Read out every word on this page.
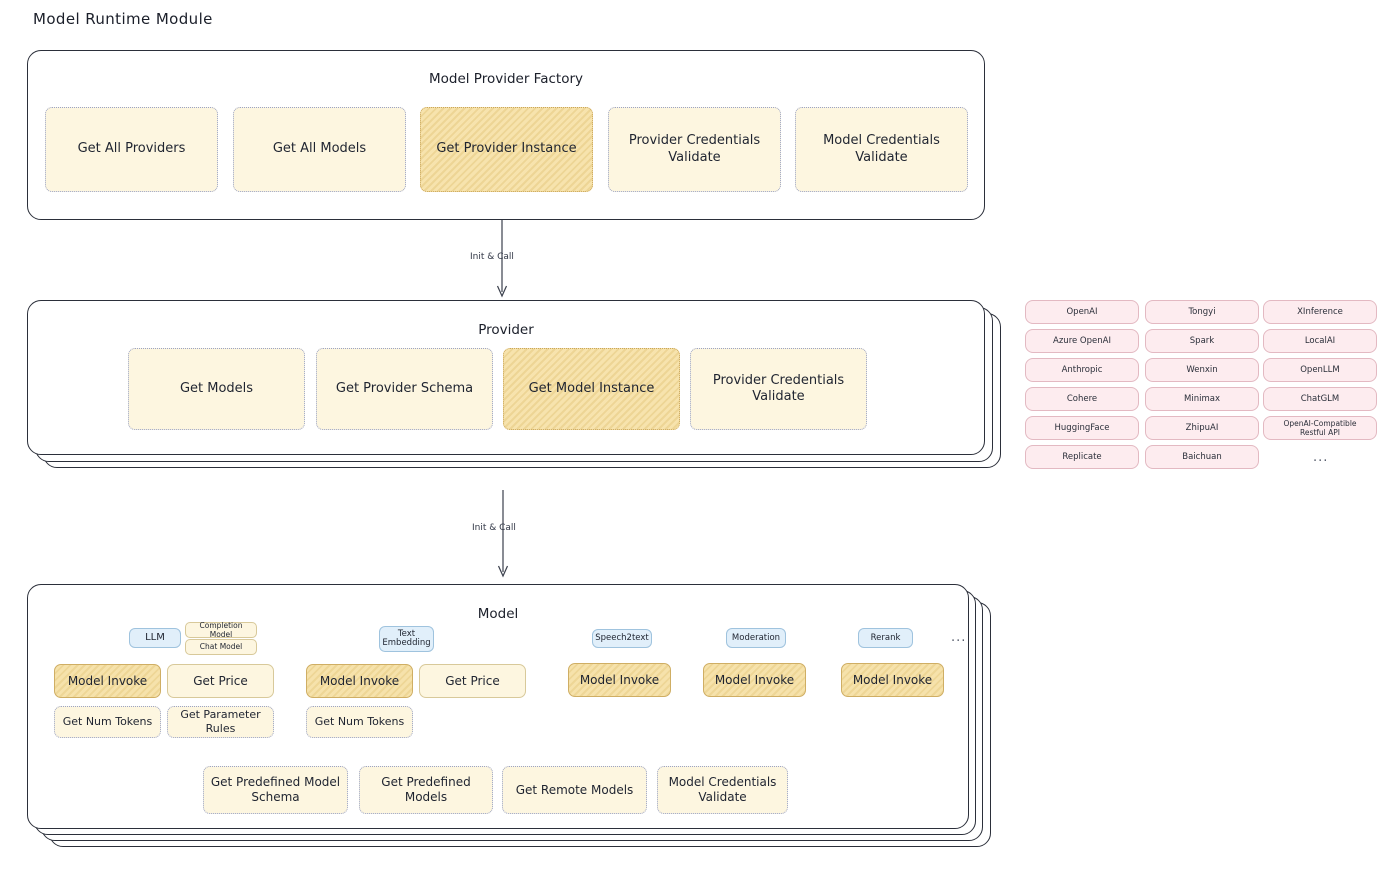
Model Runtime Module
Model Provider Factory
Get All Providers	Get All Models	Get Provider Instance
Provider Credentials Validate
Model Credentials Validate
Init & Call
Provider
Get Models	Get Provider Schema	Get Model Instance
Provider Credentials Validate
OpenAI
Azure OpenAI
Anthropic
Cohere
HuggingFace
Replicate
Tongyi
Spark
Wenxin
Minimax
ZhipuAI
Baichuan
XInference
LocalAI
OpenLLM
ChatGLM
OpenAI-Compatible Restful API
...
Init & Call
Model
LLM
Completion Model
Chat Model
Text Embedding	Speech2text	Moderation	Rerank	...
Model Invoke	Get Price
Get Num Tokens
Get Parameter Rules
Model Invoke	Get Price
Get Num Tokens
Model Invoke	Model Invoke	Model Invoke
Get Predefined Model Schema
Get Predefined Models
Get Remote Models
Model Credentials Validate
